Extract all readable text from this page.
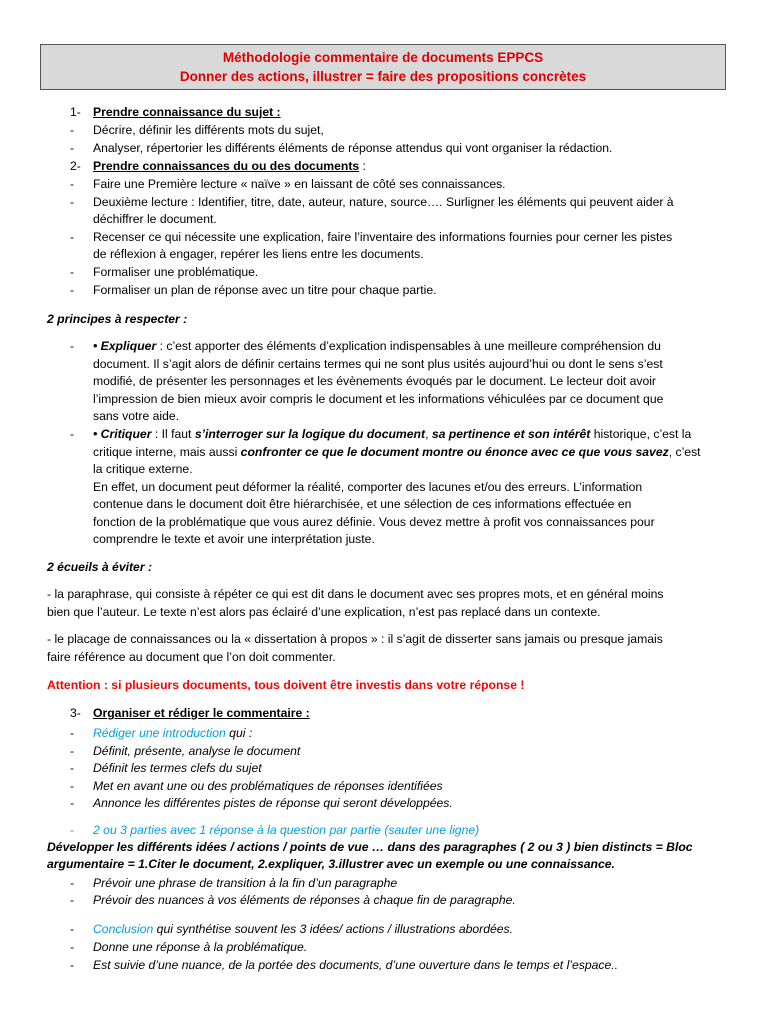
Méthodologie commentaire de documents EPPCS
Donner des actions, illustrer = faire des propositions concrètes
1- Prendre connaissance du sujet :
- Décrire, définir les différents mots du sujet,
- Analyser, répertorier les différents éléments de réponse attendus qui vont organiser la rédaction.
2- Prendre connaissances du ou des documents :
- Faire une Première lecture « naïve » en laissant de côté ses connaissances.
- Deuxième lecture : Identifier, titre, date, auteur, nature, source…. Surligner les éléments qui peuvent aider à
déchiffrer le document.
- Recenser ce qui nécessite une explication, faire l’inventaire des informations fournies pour cerner les pistes
de réflexion à engager, repérer les liens entre les documents.
- Formaliser une problématique.
- Formaliser un plan de réponse avec un titre pour chaque partie.
2 principes à respecter :
- • Expliquer : c’est apporter des éléments d’explication indispensables à une meilleure compréhension du
document. Il s’agit alors de définir certains termes qui ne sont plus usités aujourd’hui ou dont le sens s’est
modifié, de présenter les personnages et les évènements évoqués par le document. Le lecteur doit avoir
l’impression de bien mieux avoir compris le document et les informations véhiculées par ce document que
sans votre aide.
- • Critiquer : Il faut s’interroger sur la logique du document, sa pertinence et son intérêt historique, c’est la
critique interne, mais aussi confronter ce que le document montre ou énonce avec ce que vous savez, c’est
la critique externe.
En effet, un document peut déformer la réalité, comporter des lacunes et/ou des erreurs. L’information
contenue dans le document doit être hiérarchisée, et une sélection de ces informations effectuée en
fonction de la problématique que vous aurez définie. Vous devez mettre à profit vos connaissances pour
comprendre le texte et avoir une interprétation juste.
2 écueils à éviter :
- la paraphrase, qui consiste à répéter ce qui est dit dans le document avec ses propres mots, et en général moins
bien que l’auteur. Le texte n’est alors pas éclairé d’une explication, n’est pas replacé dans un contexte.
- le placage de connaissances ou la « dissertation à propos » : il s’agit de disserter sans jamais ou presque jamais
faire référence au document que l’on doit commenter.
Attention : si plusieurs documents, tous doivent être investis dans votre réponse !
3- Organiser et rédiger le commentaire :
- Rédiger une introduction qui :
- Définit, présente, analyse le document
- Définit les termes clefs du sujet
- Met en avant une ou des problématiques de réponses identifiées
- Annonce les différentes pistes de réponse qui seront développées.
- 2 ou 3 parties avec 1 réponse à la question par partie (sauter une ligne)
Développer les différents idées / actions / points de vue … dans des paragraphes ( 2 ou 3 ) bien distincts = Bloc
argumentaire = 1.Citer le document, 2.expliquer, 3.illustrer avec un exemple ou une connaissance.
- Prévoir une phrase de transition à la fin d’un paragraphe
- Prévoir des nuances à vos éléments de réponses à chaque fin de paragraphe.
- Conclusion qui synthétise souvent les 3 idées/ actions / illustrations abordées.
- Donne une réponse à la problématique.
- Est suivie d’une nuance, de la portée des documents, d’une ouverture dans le temps et l’espace..
